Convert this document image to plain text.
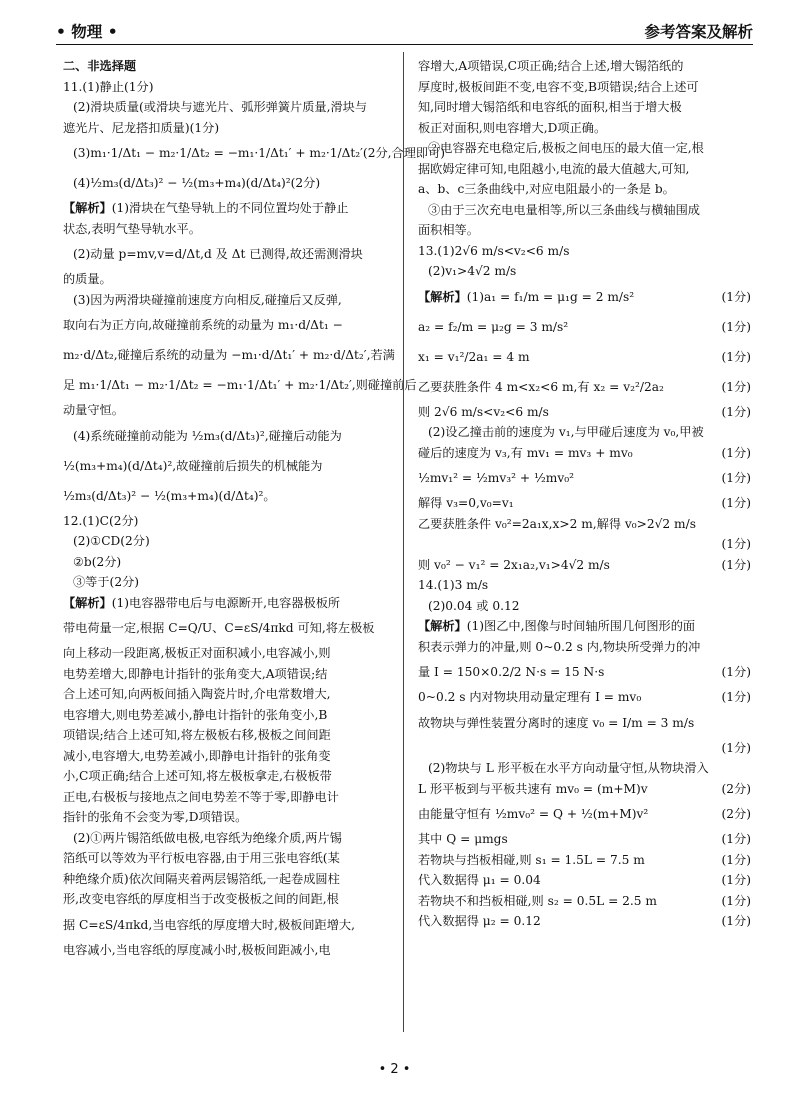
• 物理 •	参考答案及解析
二、非选择题
11.(1)静止(1分)
(2)滑块质量(或滑块与遮光片、弧形弹簧片质量,滑块与
遮光片、尼龙搭扣质量)(1分)
(3)m₁·1/Δt₁ − m₂·1/Δt₂ = −m₁·1/Δt₁′ + m₂·1/Δt₂′(2分,合理即可)
(4)½m₃(d/Δt₃)² − ½(m₃+m₄)(d/Δt₄)²(2分)
【解析】(1)滑块在气垫导轨上的不同位置均处于静止
状态,表明气垫导轨水平。
(2)动量 p=mv,v=d/Δt,d 及 Δt 已测得,故还需测滑块
的质量。
(3)因为两滑块碰撞前速度方向相反,碰撞后又反弹,
取向右为正方向,故碰撞前系统的动量为 m₁·d/Δt₁ −
m₂·d/Δt₂,碰撞后系统的动量为 −m₁·d/Δt₁′ + m₂·d/Δt₂′,若满
足 m₁·1/Δt₁ − m₂·1/Δt₂ = −m₁·1/Δt₁′ + m₂·1/Δt₂′,则碰撞前后
动量守恒。
(4)系统碰撞前动能为 ½m₃(d/Δt₃)²,碰撞后动能为
½(m₃+m₄)(d/Δt₄)²,故碰撞前后损失的机械能为
½m₃(d/Δt₃)² − ½(m₃+m₄)(d/Δt₄)²。
12.(1)C(2分)
(2)①CD(2分)
②b(2分)
③等于(2分)
【解析】(1)电容器带电后与电源断开,电容器极板所
带电荷量一定,根据 C=Q/U、C=εS/4πkd 可知,将左极板
向上移动一段距离,极板正对面积减小,电容减小,则
电势差增大,即静电计指针的张角变大,A项错误;结
合上述可知,向两板间插入陶瓷片时,介电常数增大,
电容增大,则电势差减小,静电计指针的张角变小,B
项错误;结合上述可知,将左极板右移,极板之间间距
减小,电容增大,电势差减小,即静电计指针的张角变
小,C项正确;结合上述可知,将左极板拿走,右极板带
正电,右极板与接地点之间电势差不等于零,即静电计
指针的张角不会变为零,D项错误。
(2)①两片锡箔纸做电极,电容纸为绝缘介质,两片锡
箔纸可以等效为平行板电容器,由于用三张电容纸(某
种绝缘介质)依次间隔夹着两层锡箔纸,一起卷成圆柱
形,改变电容纸的厚度相当于改变极板之间的间距,根
据 C=εS/4πkd,当电容纸的厚度增大时,极板间距增大,
电容减小,当电容纸的厚度减小时,极板间距减小,电
容增大,A项错误,C项正确;结合上述,增大锡箔纸的
厚度时,极板间距不变,电容不变,B项错误;结合上述可
知,同时增大锡箔纸和电容纸的面积,相当于增大极
板正对面积,则电容增大,D项正确。
②电容器充电稳定后,极板之间电压的最大值一定,根
据欧姆定律可知,电阻越小,电流的最大值越大,可知,
a、b、c三条曲线中,对应电阻最小的一条是 b。
③由于三次充电电量相等,所以三条曲线与横轴围成
面积相等。
13.(1)2√6 m/s<v₂<6 m/s
(2)v₁>4√2 m/s
【解析】(1)a₁ = f₁/m = μ₁g = 2 m/s²	(1分)
a₂ = f₂/m = μ₂g = 3 m/s²	(1分)
x₁ = v₁²/2a₁ = 4 m	(1分)
乙要获胜条件 4 m<x₂<6 m,有 x₂ = v₂²/2a₂	(1分)
则 2√6 m/s<v₂<6 m/s	(1分)
(2)设乙撞击前的速度为 v₁,与甲碰后速度为 v₀,甲被
碰后的速度为 v₃,有 mv₁ = mv₃ + mv₀	(1分)
½mv₁² = ½mv₃² + ½mv₀²	(1分)
解得 v₃=0,v₀=v₁	(1分)
乙要获胜条件 v₀²=2a₁x,x>2 m,解得 v₀>2√2 m/s
(1分)
则 v₀² − v₁² = 2x₁a₂,v₁>4√2 m/s	(1分)
14.(1)3 m/s
(2)0.04 或 0.12
【解析】(1)图乙中,图像与时间轴所围几何图形的面
积表示弹力的冲量,则 0~0.2 s 内,物块所受弹力的冲
量 I = 150×0.2/2 N·s = 15 N·s	(1分)
0~0.2 s 内对物块用动量定理有 I = mv₀	(1分)
故物块与弹性装置分离时的速度 v₀ = I/m = 3 m/s
(1分)
(2)物块与 L 形平板在水平方向动量守恒,从物块滑入
L 形平板到与平板共速有 mv₀ = (m+M)v	(2分)
由能量守恒有 ½mv₀² = Q + ½(m+M)v²	(2分)
其中 Q = μmgs	(1分)
若物块与挡板相碰,则 s₁ = 1.5L = 7.5 m	(1分)
代入数据得 μ₁ = 0.04	(1分)
若物块不和挡板相碰,则 s₂ = 0.5L = 2.5 m	(1分)
代入数据得 μ₂ = 0.12	(1分)
• 2 •
